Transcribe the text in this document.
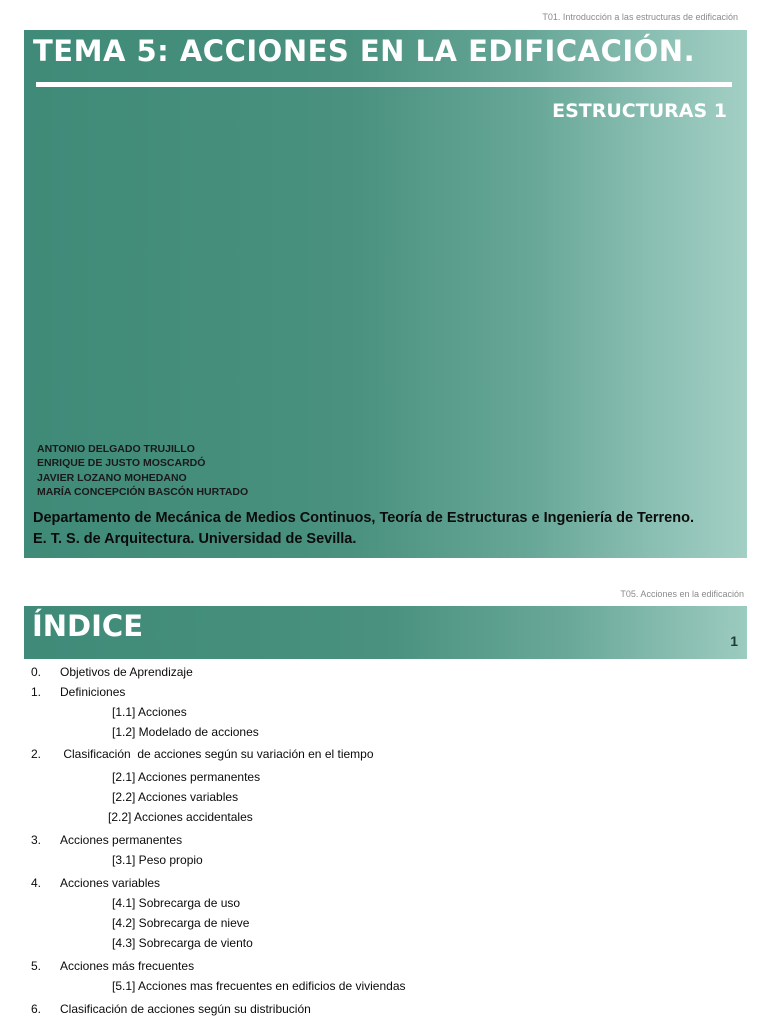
T01. Introducción a las estructuras de edificación
TEMA 5: ACCIONES EN LA EDIFICACIÓN.
ESTRUCTURAS 1
ANTONIO DELGADO TRUJILLO
ENRIQUE DE JUSTO MOSCARDÓ
JAVIER LOZANO MOHEDANO
MARÍA CONCEPCIÓN BASCÓN HURTADO
Departamento de Mecánica de Medios Continuos, Teoría de Estructuras e Ingeniería de Terreno.
E. T. S. de Arquitectura. Universidad de Sevilla.
T05. Acciones en la edificación
ÍNDICE	1
0.	Objetivos de Aprendizaje
1.	Definiciones
[1.1] Acciones
[1.2] Modelado de acciones
2.	Clasificación  de acciones según su variación en el tiempo
[2.1] Acciones permanentes
[2.2] Acciones variables
[2.2] Acciones accidentales
3.	Acciones permanentes
[3.1] Peso propio
4.	Acciones variables
[4.1] Sobrecarga de uso
[4.2] Sobrecarga de nieve
[4.3] Sobrecarga de viento
5.	Acciones más frecuentes
[5.1] Acciones mas frecuentes en edificios de viviendas
6.	Clasificación de acciones según su distribución
